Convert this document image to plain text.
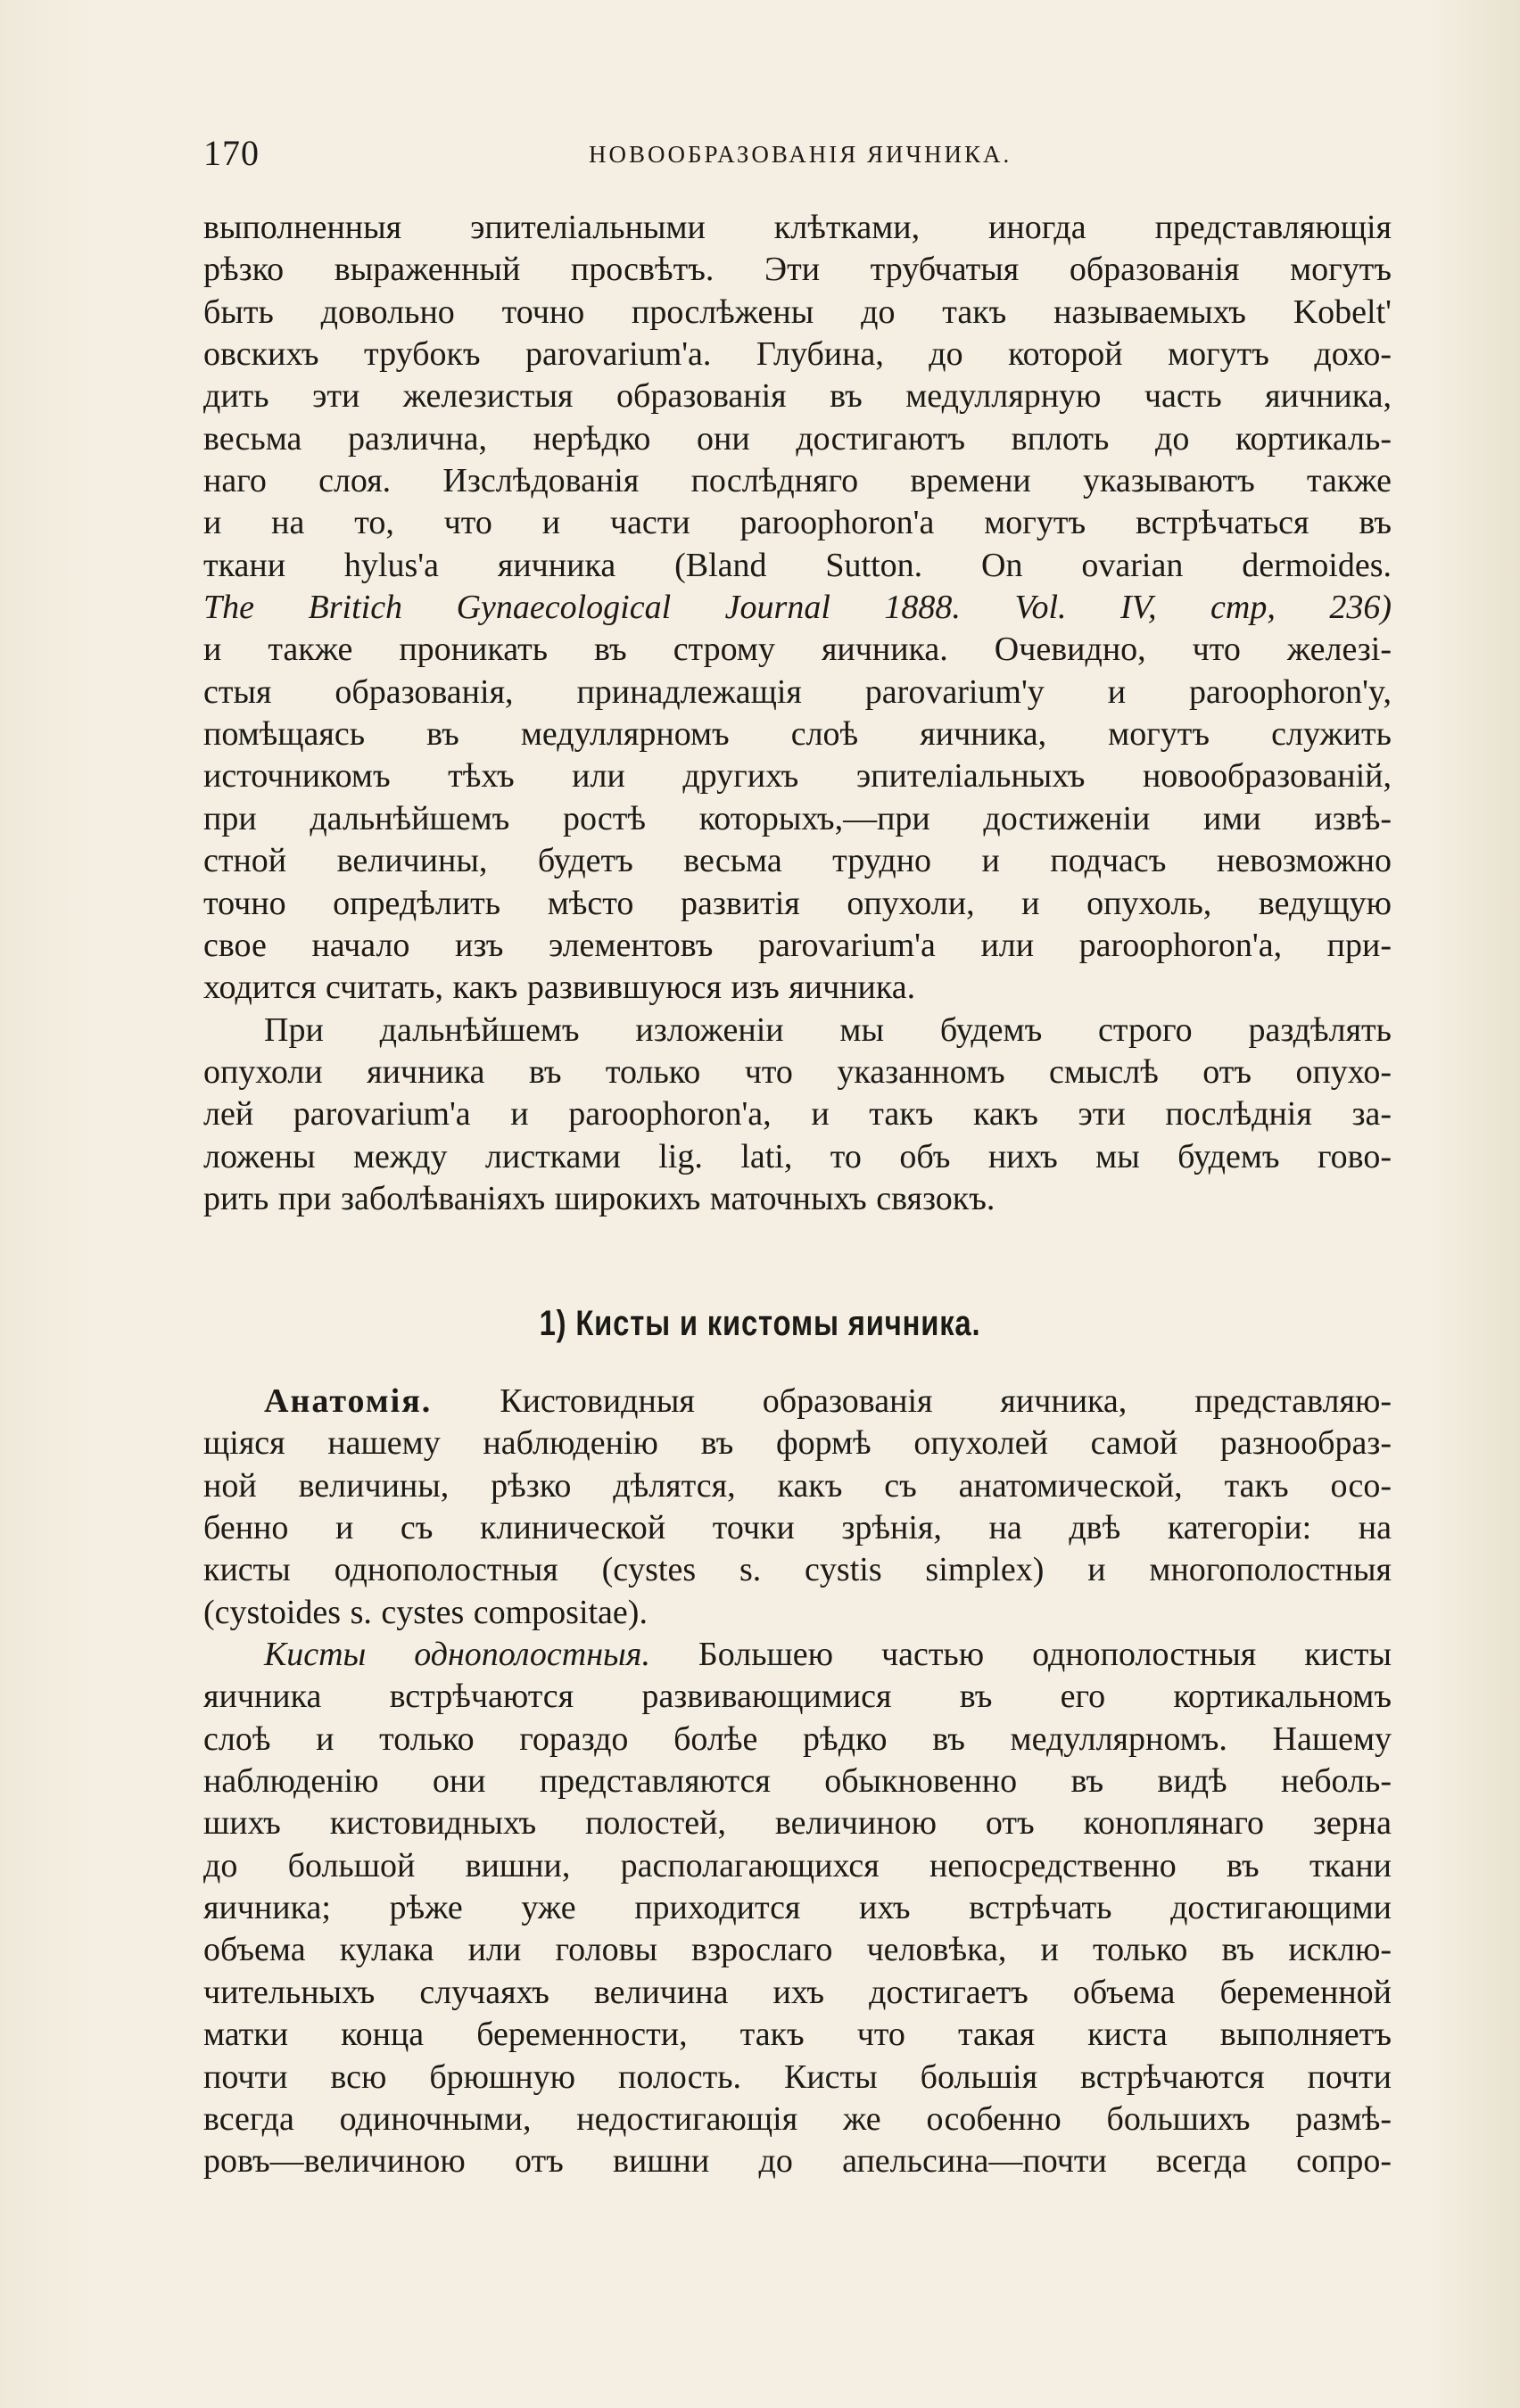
170	НОВООБРАЗОВАНІЯ ЯИЧНИКА.
выполненныя эпителіальными клѣтками, иногда представляющія
рѣзко выраженный просвѣтъ. Эти трубчатыя образованія могутъ
быть довольно точно прослѣжены до такъ называемыхъ Kobelt'
овскихъ трубокъ parovarium'a. Глубина, до которой могутъ дохо-
дить эти железистыя образованія въ медуллярную часть яичника,
весьма различна, нерѣдко они достигаютъ вплоть до кортикаль-
наго слоя. Изслѣдованія послѣдняго времени указываютъ также
и на то, что и части paroophoron'a могутъ встрѣчаться въ
ткани hylus'a яичника (Bland Sutton. On ovarian dermoides.
The Britich Gynaecological Journal 1888. Vol. IV, стр, 236)
и также проникать въ строму яичника. Очевидно, что железі-
стыя образованія, принадлежащія parovarium'y и paroophoron'y,
помѣщаясь въ медуллярномъ слоѣ яичника, могутъ служить
источникомъ тѣхъ или другихъ эпителіальныхъ новообразованій,
при дальнѣйшемъ ростѣ которыхъ,—при достиженіи ими извѣ-
стной величины, будетъ весьма трудно и подчасъ невозможно
точно опредѣлить мѣсто развитія опухоли, и опухоль, ведущую
свое начало изъ элементовъ parovarium'a или paroophoron'a, при-
ходится считать, какъ развившуюся изъ яичника.
При дальнѣйшемъ изложеніи мы будемъ строго раздѣлять
опухоли яичника въ только что указанномъ смыслѣ отъ опухо-
лей parovarium'a и paroophoron'a, и такъ какъ эти послѣднія за-
ложены между листками lig. lati, то объ нихъ мы будемъ гово-
рить при заболѣваніяхъ широкихъ маточныхъ связокъ.
1) Кисты и кистомы яичника.
Анатомія. Кистовидныя образованія яичника, представляю-
щіяся нашему наблюденію въ формѣ опухолей самой разнообраз-
ной величины, рѣзко дѣлятся, какъ съ анатомической, такъ осо-
бенно и съ клинической точки зрѣнія, на двѣ категоріи: на
кисты однополостныя (cystes s. cystis simplex) и многополостныя
(cystoides s. cystes compositae).
Кисты однополостныя. Большею частью однополостныя кисты
яичника встрѣчаются развивающимися въ его кортикальномъ
слоѣ и только гораздо болѣе рѣдко въ медуллярномъ. Нашему
наблюденію они представляются обыкновенно въ видѣ неболь-
шихъ кистовидныхъ полостей, величиною отъ коноплянаго зерна
до большой вишни, располагающихся непосредственно въ ткани
яичника; рѣже уже приходится ихъ встрѣчать достигающими
объема кулака или головы взрослаго человѣка, и только въ исклю-
чительныхъ случаяхъ величина ихъ достигаетъ объема беременной
матки конца беременности, такъ что такая киста выполняетъ
почти всю брюшную полость. Кисты большія встрѣчаются почти
всегда одиночными, недостигающія же особенно большихъ размѣ-
ровъ—величиною отъ вишни до апельсина—почти всегда сопро-
